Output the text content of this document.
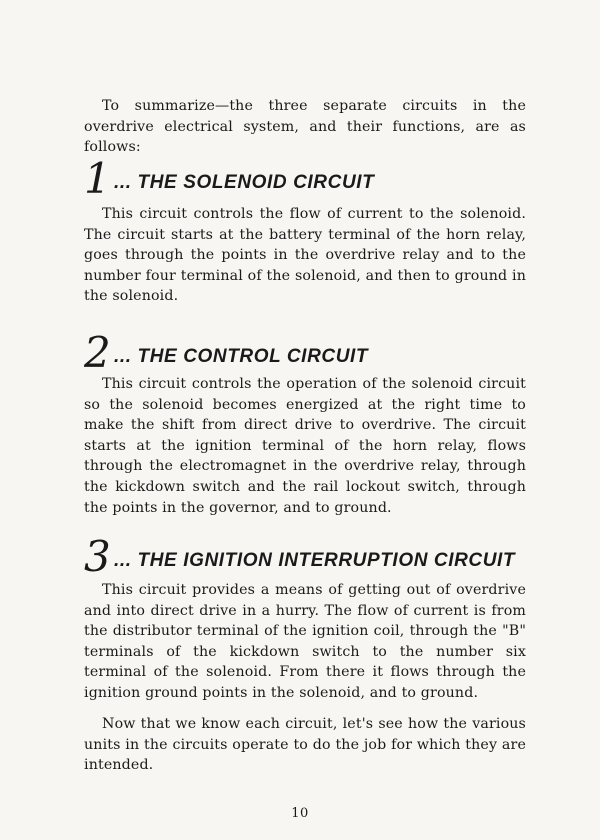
To summarize—the three separate circuits in the overdrive electrical system, and their functions, are as follows:

1 ... THE SOLENOID CIRCUIT

This circuit controls the flow of current to the solenoid. The circuit starts at the battery terminal of the horn relay, goes through the points in the overdrive relay and to the number four terminal of the solenoid, and then to ground in the solenoid.

2 ... THE CONTROL CIRCUIT

This circuit controls the operation of the solenoid circuit so the solenoid becomes energized at the right time to make the shift from direct drive to overdrive. The circuit starts at the ignition terminal of the horn relay, flows through the electromagnet in the overdrive relay, through the kickdown switch and the rail lockout switch, through the points in the governor, and to ground.

3 ... THE IGNITION INTERRUPTION CIRCUIT

This circuit provides a means of getting out of overdrive and into direct drive in a hurry. The flow of current is from the distributor terminal of the ignition coil, through the "B" terminals of the kickdown switch to the number six terminal of the solenoid. From there it flows through the ignition ground points in the solenoid, and to ground.

Now that we know each circuit, let's see how the various units in the circuits operate to do the job for which they are intended.

10
